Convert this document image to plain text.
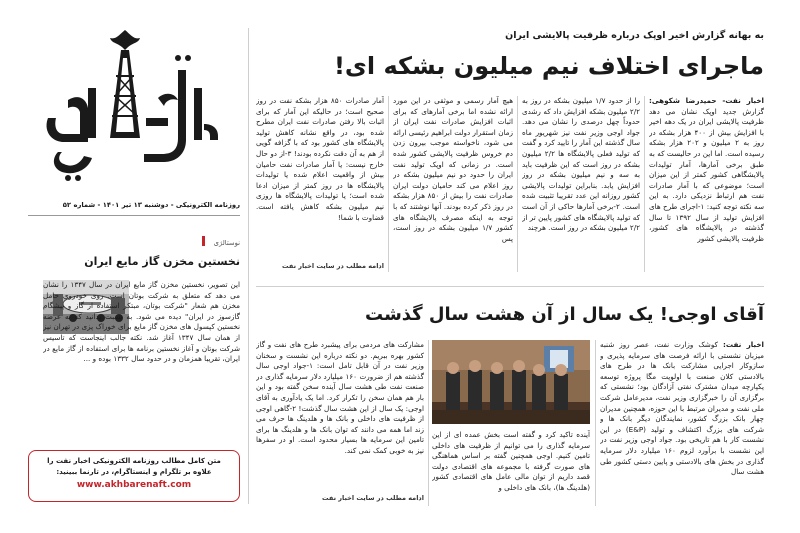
روزنامه الکترونیکی - دوشنبه ۱۳ تیر ۱۴۰۱ - شماره ۵۲
نوستالژی
نخستین مخزن گاز مایع ایران
این تصویر، نخستین مخزن گاز مایع ایران در سال ۱۳۴۷ را نشان می دهد که متعلق به شرکت بوتان است. روی خودروی حامل مخزن هم شعار "شرکت بوتان، مبتکر استفاده از گاز و پیشگام گازسوز در ایران" دیده می شود. به نسبت بدانید که به عرضه نخستین کپسول های مخزن گاز مایع برای خوراک پزی در تهران نیز از همان سال ۱۳۴۷ آغاز شد. نکته جالب اینجاست که تاسیس شرکت بوتان و آغاز نخستین برنامه ها برای استفاده از گاز مایع در ایران، تقریبا همزمان و در حدود سال ۱۳۳۲ بوده و ...
متن کامل مطالب روزنامه الکترونیکی اخبار نفت را
علاوه بر تلگرام و اینستاگرام، در تارنما ببینید:
www.akhbarenaft.com
به بهانه گزارش اخیر اوپک درباره ظرفیت پالایشی ایران
ماجرای اختلاف نیم میلیون بشکه ای!
اخبار نفت- حمیدرضا شکوهی: گزارش جدید اوپک نشان می دهد ظرفیت پالایشی ایران در یک دهه اخیر با افزایش بیش از ۴۰۰ هزار بشکه در روز به ۲ میلیون و ۲۰۲ هزار بشکه رسیده است. اما این در حالیست که به طبق برخی آمارها، آمار تولیدات پالایشگاهی کشور کمتر از این میزان است؛ موضوعی که با آمار صادرات نفت هم ارتباط نزدیکی دارد. به این سه نکته توجه کنید: ۱-اجرای طرح های افزایش تولید از سال ۱۳۹۲ تا سال گذشته در پالایشگاه های کشور، ظرفیت پالایشی کشور
را از حدود ۱/۷ میلیون بشکه در روز به ۲/۲ میلیون بشکه افزایش داد که رشدی حدوداً چهل درصدی را نشان می دهد. جواد اوجی وزیر نفت نیز شهریور ماه سال گذشته این آمار را تایید کرد و گفت که تولید فعلی پالایشگاه ها ۲/۲ میلیون بشکه در روز است که این ظرفیت باید به سه و نیم میلیون بشکه در روز افزایش یابد. بنابراین تولیدات پالایشی کشور روزانه این عدد تقریبا تثبیت شده است. ۲-برخی آمارها حاکی از آن است که تولید پالایشگاه های کشور پایین تر از ۲/۲ میلیون بشکه در روز است. هرچند
هیچ آمار رسمی و موثقی در این مورد ارائه نشده اما برخی آمارهای که برای اثبات افزایش صادرات نفت ایران از زمان استقرار دولت ابراهیم رئیسی ارائه می شود، ناخواسته موجب بیرون زدن دم خروس ظرفیت پالایشی کشور شده است. در زمانی که اوپک تولید نفت ایران را حدود دو نیم میلیون بشکه در روز اعلام می کند حامیان دولت ایران صادرات نفت را بیش از ۸۵۰ هزار بشکه در روز ذکر کرده بودند. آنها نوشتند که با توجه به اینکه مصرف پالایشگاه های کشور ۱/۷ میلیون بشکه در روز است، پس
آمار صادرات ۸۵۰ هزار بشکه نفت در روز صحیح است؛ در حالیکه این آمار که برای اثبات بالا رفتن صادرات نفت ایران مطرح شده بود، در واقع نشانه کاهش تولید پالایشگاه های کشور بود که با گزافه گویی از هم به آن دقت نکرده بودند! ۳-از دو حال خارج نیست: یا آمار صادرات نفت حامیان بیش از واقعیت اعلام شده یا تولیدات پالایشگاه ها در روز کمتر از میزان ادعا شده است؛ یا تولیدات پالایشگاه ها روزی نیم میلیون بشکه کاهش یافته است. قضاوت با شما!
ادامه مطلب در سایت اخبار نفت
آقای اوجی! یک سال از آن هشت سال گذشت
اخبار نفت: کوشک وزارت نفت، عصر روز شنبه میزبان نشستی با ارائه فرصت های سرمایه پذیری و سازوکار اجرایی مشارکت بانک ها در طرح های بالادستی کلان صنعت با اولویت مگا پروژه توسعه یکپارچه میدان مشترک نفتی آزادگان بود؛ نشستی که برگزاری آن را خبرگزاری وزیر نفت، مدیرعامل شرکت ملی نفت و مدیران مرتبط با این حوزه، همچنین مدیران چهار بانک بزرگ کشور، نمایندگان دیگر بانک ها و شرکت های بزرگ اکتشاف و تولید (E&P) در این نشست کار با هم تاریخی بود. جواد اوجی وزیر نفت در این نشست با برآورد لزوم ۱۶۰ میلیارد دلار سرمایه گذاری در بخش های بالادستی و پایین دستی کشور طی هشت سال
آینده تاکید کرد و گفته است بخش عمده ای از این سرمایه گذاری را می توانیم از ظرفیت های داخلی تامین کنیم. اوجی همچنین گفته بر اساس هماهنگی های صورت گرفته با مجموعه های اقتصادی دولت قصد داریم از توان مالی عامل های اقتصادی کشور (هلدینگ ها)، بانک های داخلی و
مشارکت های مردمی برای پیشبرد طرح های نفت و گاز کشور بهره ببریم. دو نکته درباره این نشست و سخنان وزیر نفت در آن قابل تامل است: ۱-جواد اوجی سال گذشته هم از ضرورت ۱۶۰ میلیارد دلار سرمایه گذاری در صنعت نفت طی هشت سال آینده سخن گفته بود و این بار هم همان سخن را تکرار کرد. اما یک یادآوری به آقای اوجی: یک سال از این هشت سال گذشت! ۲-گاهی اوجی از ظرفیت های داخلی و بانک ها و هلدینگ ها حرف می زند اما همه می دانند که توان بانک ها و هلدینگ ها برای تامین این سرمایه ها بسیار محدود است. او در سفرها نیز به خوبی کمک نمی کند.
ادامه مطلب در سایت اخبار نفت
